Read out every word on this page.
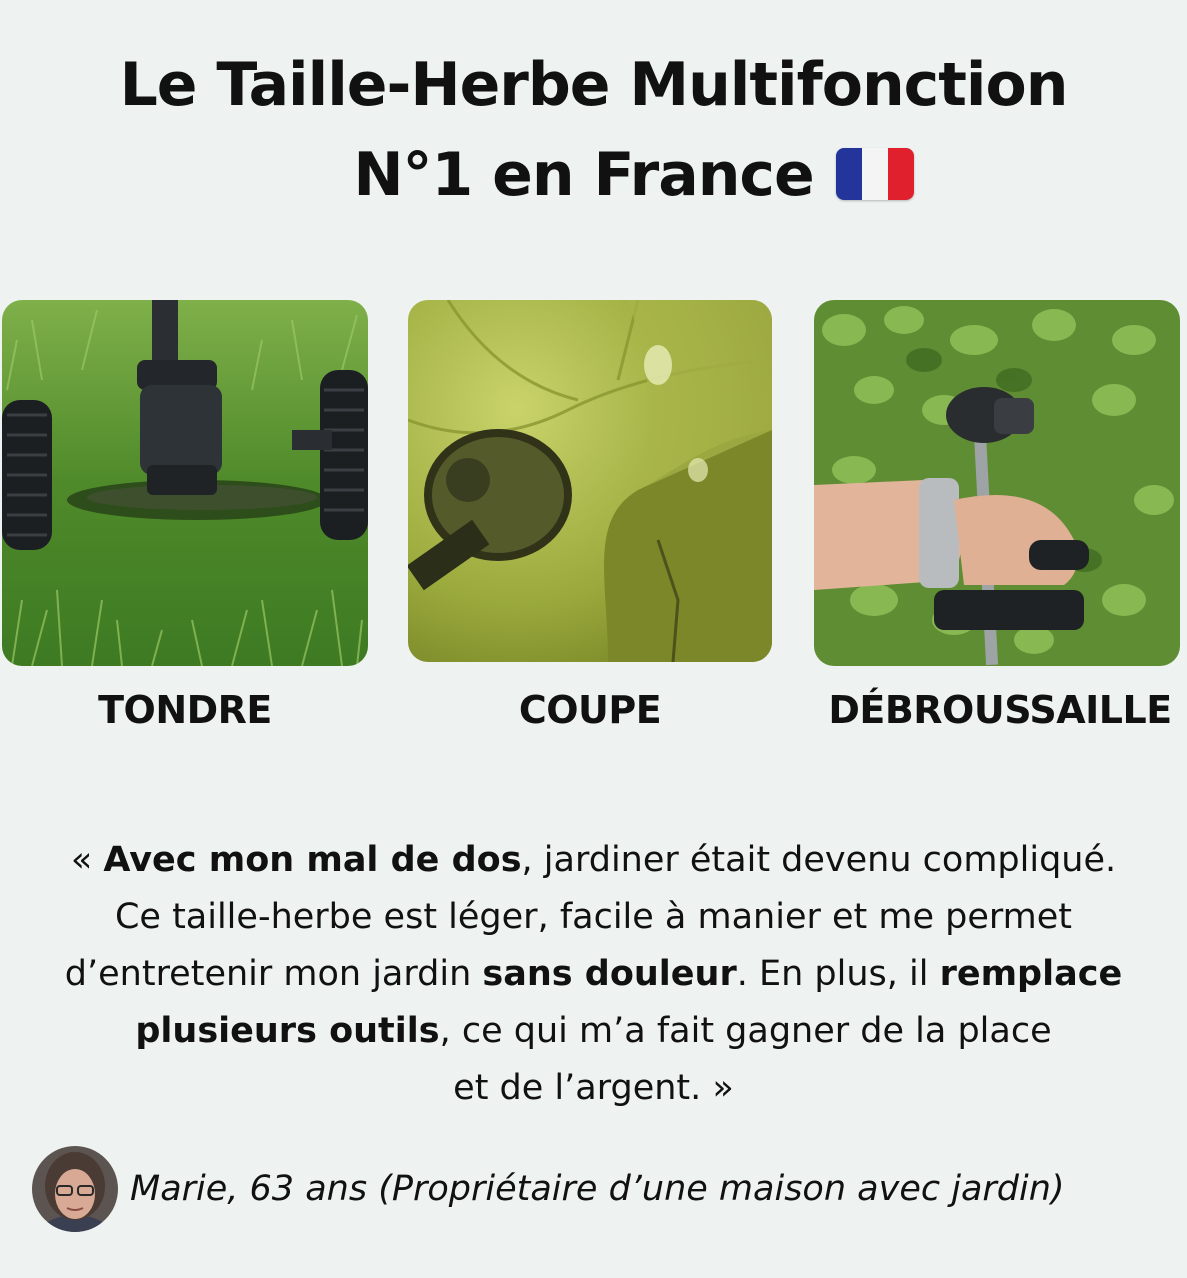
Le Taille-Herbe Multifonction
N°1 en France
TONDRE	COUPE	DÉBROUSSAILLE

« Avec mon mal de dos, jardiner était devenu compliqué.
Ce taille-herbe est léger, facile à manier et me permet
d’entretenir mon jardin sans douleur. En plus, il remplace
plusieurs outils, ce qui m’a fait gagner de la place
et de l’argent. »

Marie, 63 ans (Propriétaire d’une maison avec jardin)
